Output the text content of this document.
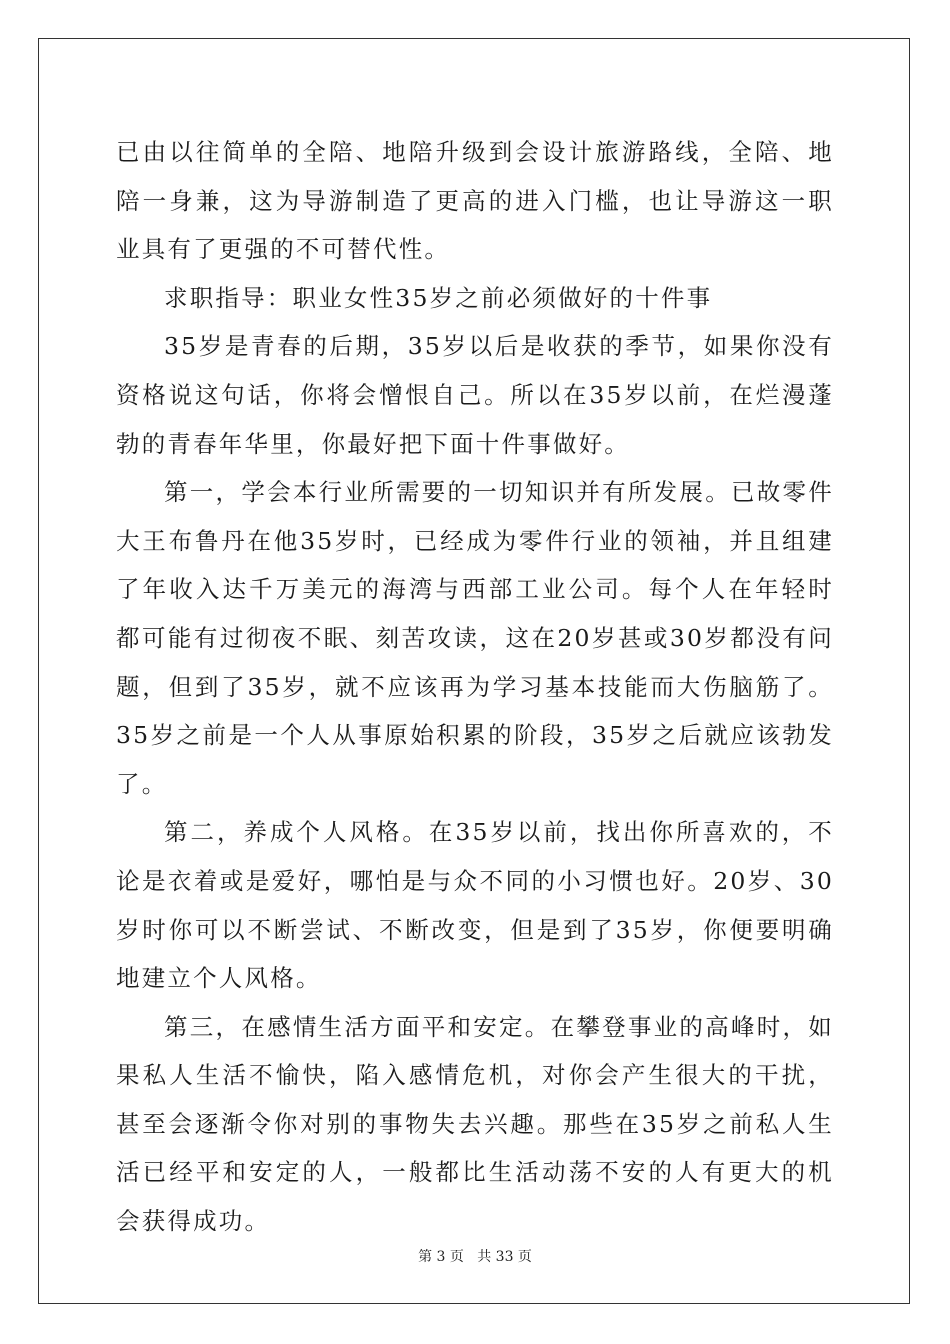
已由以往简单的全陪、地陪升级到会设计旅游路线，全陪、地陪一身兼，这为导游制造了更高的进入门槛，也让导游这一职业具有了更强的不可替代性。

求职指导：职业女性35岁之前必须做好的十件事

35岁是青春的后期，35岁以后是收获的季节，如果你没有资格说这句话，你将会憎恨自己。所以在35岁以前，在烂漫蓬勃的青春年华里，你最好把下面十件事做好。

第一，学会本行业所需要的一切知识并有所发展。已故零件大王布鲁丹在他35岁时，已经成为零件行业的领袖，并且组建了年收入达千万美元的海湾与西部工业公司。每个人在年轻时都可能有过彻夜不眠、刻苦攻读，这在20岁甚或30岁都没有问题，但到了35岁，就不应该再为学习基本技能而大伤脑筋了。35岁之前是一个人从事原始积累的阶段，35岁之后就应该勃发了。

第二，养成个人风格。在35岁以前，找出你所喜欢的，不论是衣着或是爱好，哪怕是与众不同的小习惯也好。20岁、30岁时你可以不断尝试、不断改变，但是到了35岁，你便要明确地建立个人风格。

第三，在感情生活方面平和安定。在攀登事业的高峰时，如果私人生活不愉快，陷入感情危机，对你会产生很大的干扰，甚至会逐渐令你对别的事物失去兴趣。那些在35岁之前私人生活已经平和安定的人，一般都比生活动荡不安的人有更大的机会获得成功。

第 3 页   共 33 页
